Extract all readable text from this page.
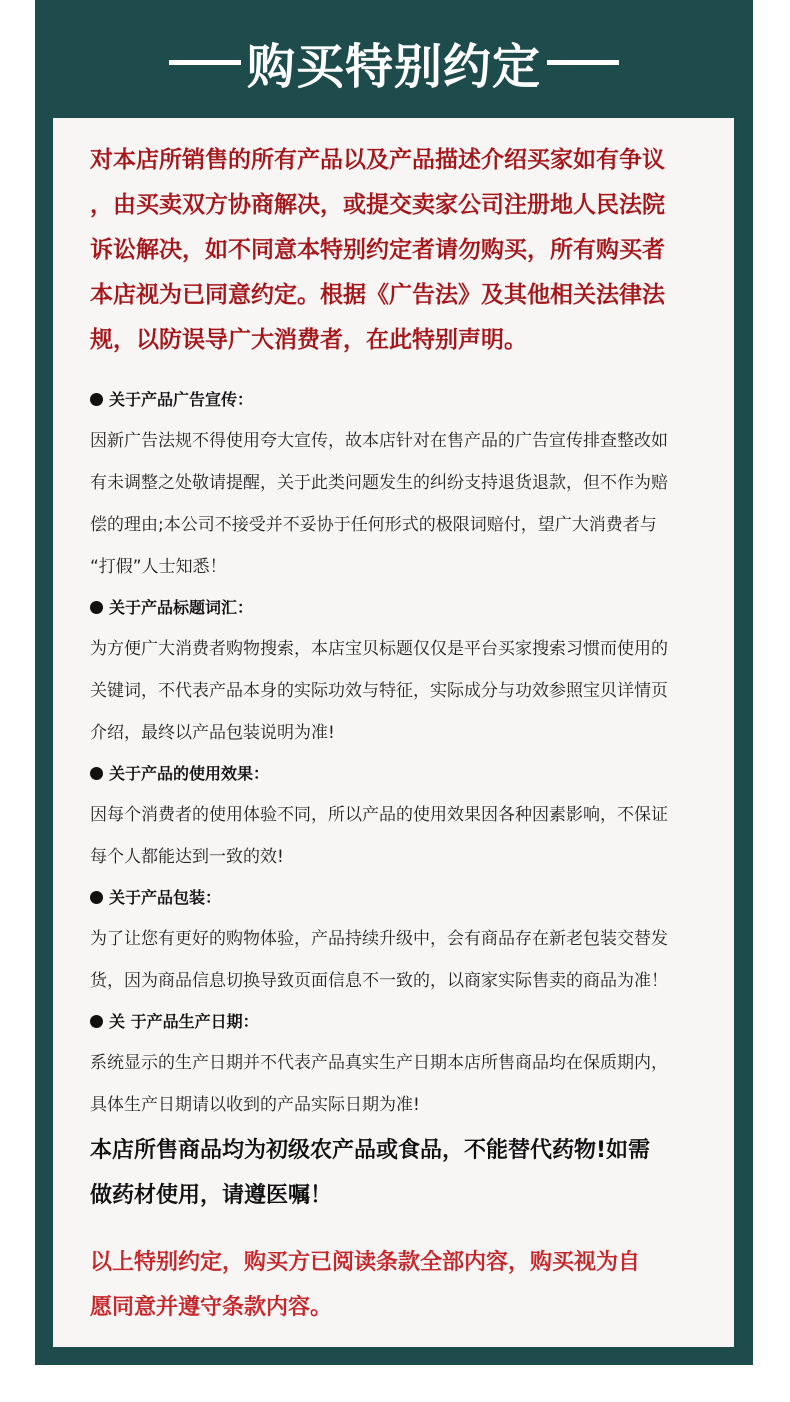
购买特别约定
对本店所销售的所有产品以及产品描述介绍买家如有争议
，由买卖双方协商解决，或提交卖家公司注册地人民法院
诉讼解决，如不同意本特别约定者请勿购买，所有购买者
本店视为已同意约定。根据《广告法》及其他相关法律法
规，以防误导广大消费者，在此特别声明。
关于产品广告宣传：
因新广告法规不得使用夸大宣传，故本店针对在售产品的广告宣传排查整改如
有未调整之处敬请提醒，关于此类问题发生的纠纷支持退货退款，但不作为赔
偿的理由;本公司不接受并不妥协于任何形式的极限词赔付，望广大消费者与
“打假”人士知悉！
关于产品标题词汇：
为方便广大消费者购物搜索，本店宝贝标题仅仅是平台买家搜索习惯而使用的
关键词，不代表产品本身的实际功效与特征，实际成分与功效参照宝贝详情页
介绍，最终以产品包装说明为准!
关于产品的使用效果：
因每个消费者的使用体验不同，所以产品的使用效果因各种因素影响，不保证
每个人都能达到一致的效!
关于产品包装：
为了让您有更好的购物体验，产品持续升级中，会有商品存在新老包装交替发
货，因为商品信息切换导致页面信息不一致的，以商家实际售卖的商品为准！
关 于产品生产日期：
系统显示的生产日期并不代表产品真实生产日期本店所售商品均在保质期内，
具体生产日期请以收到的产品实际日期为准!
本店所售商品均为初级农产品或食品，不能替代药物!如需
做药材使用，请遵医嘱！
以上特别约定，购买方已阅读条款全部内容，购买视为自
愿同意并遵守条款内容。
